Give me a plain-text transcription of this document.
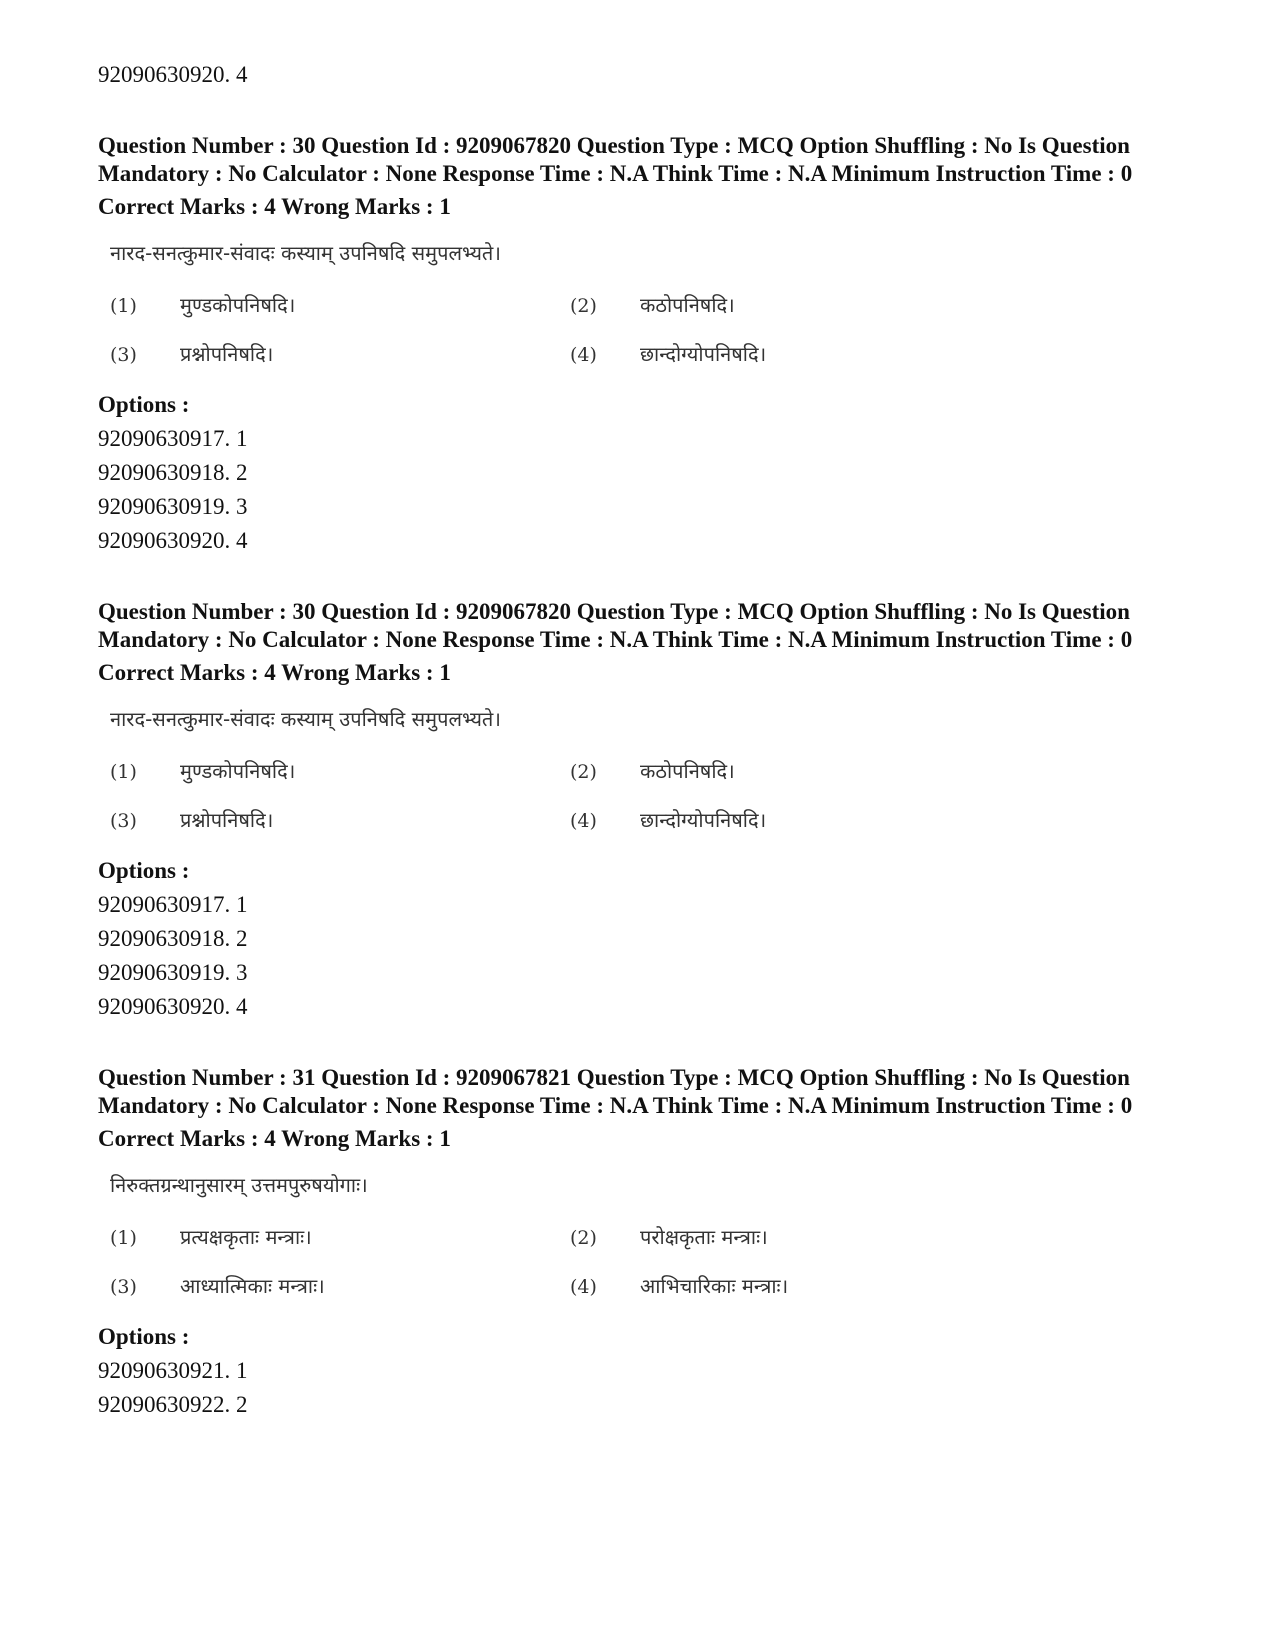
92090630920. 4

Question Number : 30 Question Id : 9209067820 Question Type : MCQ Option Shuffling : No Is Question Mandatory : No Calculator : None Response Time : N.A Think Time : N.A Minimum Instruction Time : 0

Correct Marks : 4 Wrong Marks : 1

नारद-सनत्कुमार-संवादः कस्याम् उपनिषदि समुपलभ्यते।

(1)	मुण्डकोपनिषदि।	(2)	कठोपनिषदि।
(3)	प्रश्नोपनिषदि।	(4)	छान्दोग्योपनिषदि।

Options :

92090630917. 1

92090630918. 2

92090630919. 3

92090630920. 4

Question Number : 30 Question Id : 9209067820 Question Type : MCQ Option Shuffling : No Is Question Mandatory : No Calculator : None Response Time : N.A Think Time : N.A Minimum Instruction Time : 0

Correct Marks : 4 Wrong Marks : 1

नारद-सनत्कुमार-संवादः कस्याम् उपनिषदि समुपलभ्यते।

(1)	मुण्डकोपनिषदि।	(2)	कठोपनिषदि।
(3)	प्रश्नोपनिषदि।	(4)	छान्दोग्योपनिषदि।

Options :

92090630917. 1

92090630918. 2

92090630919. 3

92090630920. 4

Question Number : 31 Question Id : 9209067821 Question Type : MCQ Option Shuffling : No Is Question Mandatory : No Calculator : None Response Time : N.A Think Time : N.A Minimum Instruction Time : 0

Correct Marks : 4 Wrong Marks : 1

निरुक्तग्रन्थानुसारम् उत्तमपुरुषयोगाः।

(1)	प्रत्यक्षकृताः मन्त्राः।	(2)	परोक्षकृताः मन्त्राः।
(3)	आध्यात्मिकाः मन्त्राः।	(4)	आभिचारिकाः मन्त्राः।

Options :

92090630921. 1

92090630922. 2
